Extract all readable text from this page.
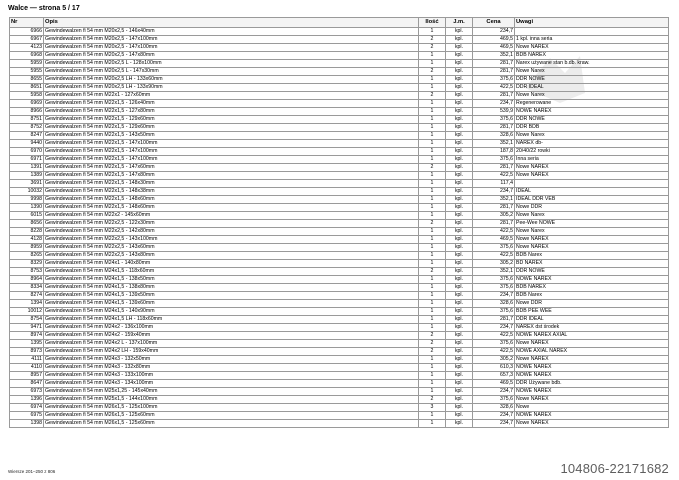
Walce — strona 5 / 17
Nr	Opis	Ilość	J.m.	Cena	Uwagi
6966	Gewindewalzen fi 54 mm M20x2,5 - 146x40mm	1	kpl.	234,7	
6967	Gewindewalzen fi 54 mm M20x2,5 - 147x100mm	2	kpl.	469,5	1 kpl. inna seria
4123	Gewindewalzen fi 54 mm M20x2,5 - 147x100mm	2	kpl.	469,5	Nowe NAREX
6968	Gewindewalzen fi 54 mm M20x2,5 - 147x80mm	1	kpl.	352,1	BDB NAREX
5959	Gewindewalzen fi 54 mm M20x2,5 L - 128x100mm	1	kpl.	281,7	Narex używane stan b.db. kraw.
5955	Gewindewalzen fi 54 mm M20x2,5 L - 147x30mm	2	kpl.	281,7	Nowe Narex
8655	Gewindewalzen fi 54 mm M20x2,5 LH - 133x60mm	1	kpl.	375,6	DDR NOWE
8651	Gewindewalzen fi 54 mm M20x2,5 LH - 133x90mm	1	kpl.	422,5	DDR IDEAL
5958	Gewindewalzen fi 54 mm M22x1 - 127x60mm	2	kpl.	281,7	Nowe Narex
6969	Gewindewalzen fi 54 mm M22x1,5 - 126x40mm	1	kpl.	234,7	Regenerowane
8966	Gewindewalzen fi 54 mm M22x1,5 - 127x80mm	1	kpl.	539,9	NOWE NAREX
8751	Gewindewalzen fi 54 mm M22x1,5 - 129x60mm	1	kpl.	375,6	DDR NOWE
8752	Gewindewalzen fi 54 mm M22x1,5 - 129x60mm	1	kpl.	281,7	DDR BDB
8247	Gewindewalzen fi 54 mm M22x1,5 - 143x50mm	1	kpl.	328,6	Nowe Narex
9440	Gewindewalzen fi 54 mm M22x1,5 - 147x100mm	1	kpl.	352,1	NAREX db-
6970	Gewindewalzen fi 54 mm M22x1,5 - 147x100mm	1	kpl.	187,8	20/40/22 rowki
6971	Gewindewalzen fi 54 mm M22x1,5 - 147x100mm	1	kpl.	375,6	Inna seria
1391	Gewindewalzen fi 54 mm M22x1,5 - 147x60mm	2	kpl.	281,7	Nowe NAREX
1389	Gewindewalzen fi 54 mm M22x1,5 - 147x80mm	1	kpl.	422,5	Nowe NAREX
3691	Gewindewalzen fi 54 mm M22x1,5 - 148x30mm	1	kpl.	117,4	
10032	Gewindewalzen fi 54 mm M22x1,5 - 148x38mm	1	kpl.	234,7	IDEAL
9998	Gewindewalzen fi 54 mm M22x1,5 - 148x60mm	1	kpl.	352,1	IDEAL DDR VEB
1390	Gewindewalzen fi 54 mm M22x1,5 - 148x60mm	1	kpl.	281,7	Nowe DDR
6015	Gewindewalzen fi 54 mm M22x2 - 145x60mm	1	kpl.	305,2	Nowe Narex
8656	Gewindewalzen fi 54 mm M22x2,5 - 122x30mm	2	kpl.	281,7	Pee-Wee NOWE
8228	Gewindewalzen fi 54 mm M22x2,5 - 142x80mm	1	kpl.	422,5	Nowe Narex
4128	Gewindewalzen fi 54 mm M22x2,5 - 143x100mm	1	kpl.	469,5	Nowe NAREX
8959	Gewindewalzen fi 54 mm M22x2,5 - 143x60mm	1	kpl.	375,6	Nowe NAREX
8265	Gewindewalzen fi 54 mm M22x2,5 - 143x80mm	1	kpl.	422,5	BDB Narex
8329	Gewindewalzen fi 54 mm M24x1 - 140x80mm	1	kpl.	305,2	BD NAREX
8753	Gewindewalzen fi 54 mm M24x1,5 - 118x60mm	2	kpl.	352,1	DDR NOWE
8964	Gewindewalzen fi 54 mm M24x1,5 - 138x50mm	1	kpl.	375,6	NOWE NAREX
8334	Gewindewalzen fi 54 mm M24x1,5 - 138x80mm	1	kpl.	375,6	BDB NAREX
8274	Gewindewalzen fi 54 mm M24x1,5 - 139x50mm	1	kpl.	234,7	BDB Narex
1394	Gewindewalzen fi 54 mm M24x1,5 - 139x60mm	1	kpl.	328,6	Nowe DDR
10012	Gewindewalzen fi 54 mm M24x1,5 - 140x90mm	1	kpl.	375,6	BDB PEE WEE
8754	Gewindewalzen fi 54 mm M24x1,5 LH - 118x60mm	1	kpl.	281,7	DDR IDEAL
9471	Gewindewalzen fi 54 mm M24x2 - 136x100mm	1	kpl.	234,7	NAREX dst środek
8974	Gewindewalzen fi 54 mm M24x2 - 159x40mm	2	kpl.	422,5	NOWE NAREX AXIAL
1395	Gewindewalzen fi 54 mm M24x2 L - 137x100mm	2	kpl.	375,6	Nowe NAREX
8973	Gewindewalzen fi 54 mm M24x2 LH - 159x40mm	2	kpl.	422,5	NOWE AXIAL NAREX
4111	Gewindewalzen fi 54 mm M24x3 - 132x50mm	1	kpl.	305,2	Nowe NAREX
4110	Gewindewalzen fi 54 mm M24x3 - 132x80mm	1	kpl.	610,3	NOWE NAREX
8957	Gewindewalzen fi 54 mm M24x3 - 133x100mm	1	kpl.	657,3	NOWE NAREX
8647	Gewindewalzen fi 54 mm M24x3 - 134x100mm	1	kpl.	469,5	DDR Używane bdb.
6973	Gewindewalzen fi 54 mm M25x1,25 - 145x40mm	1	kpl.	234,7	NOWE NAREX
1396	Gewindewalzen fi 54 mm M25x1,5 - 144x100mm	2	kpl.	375,6	Nowe NAREX
6974	Gewindewalzen fi 54 mm M26x1,5 - 125x100mm	3	kpl.	328,6	Nowe
6975	Gewindewalzen fi 54 mm M26x1,5 - 125x60mm	1	kpl.	234,7	NOWE NAREX
1398	Gewindewalzen fi 54 mm M26x1,5 - 125x60mm	1	kpl.	234,7	Nowe NAREX
Wiersze 201–250 z 806	104806-22171682
